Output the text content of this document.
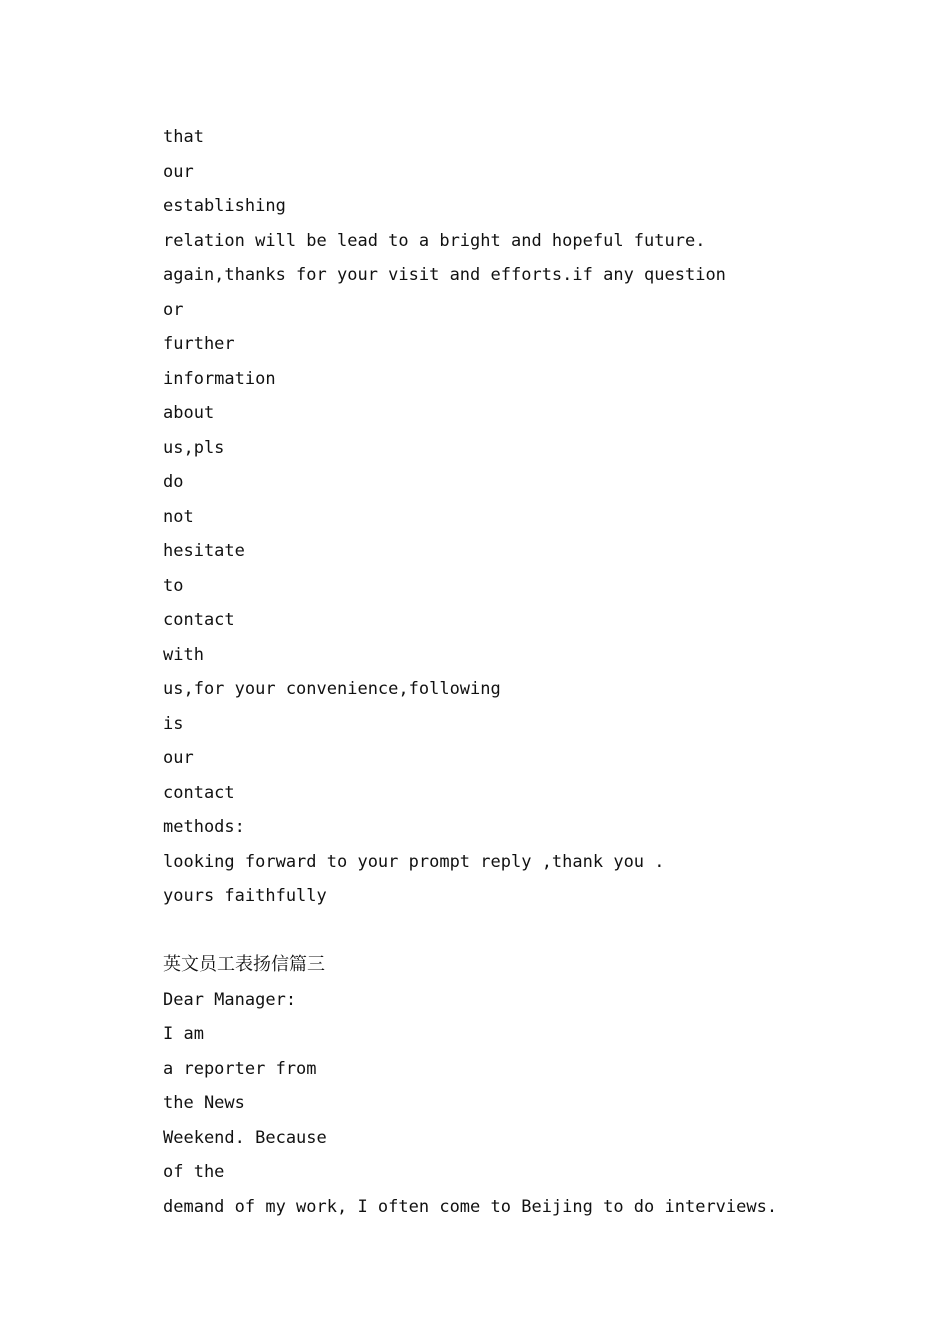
that
our
establishing
relation will be lead to a bright and hopeful future.
again,thanks for your visit and efforts.if any question
or
further
information
about
us,pls
do
not
hesitate
to
contact
with
us,for your convenience,following
is
our
contact
methods:
looking forward to your prompt reply ,thank you .
yours faithfully
英文员工表扬信篇三
Dear Manager:
I am
a reporter from
the News
Weekend. Because
of the
demand of my work, I often come to Beijing to do interviews.
